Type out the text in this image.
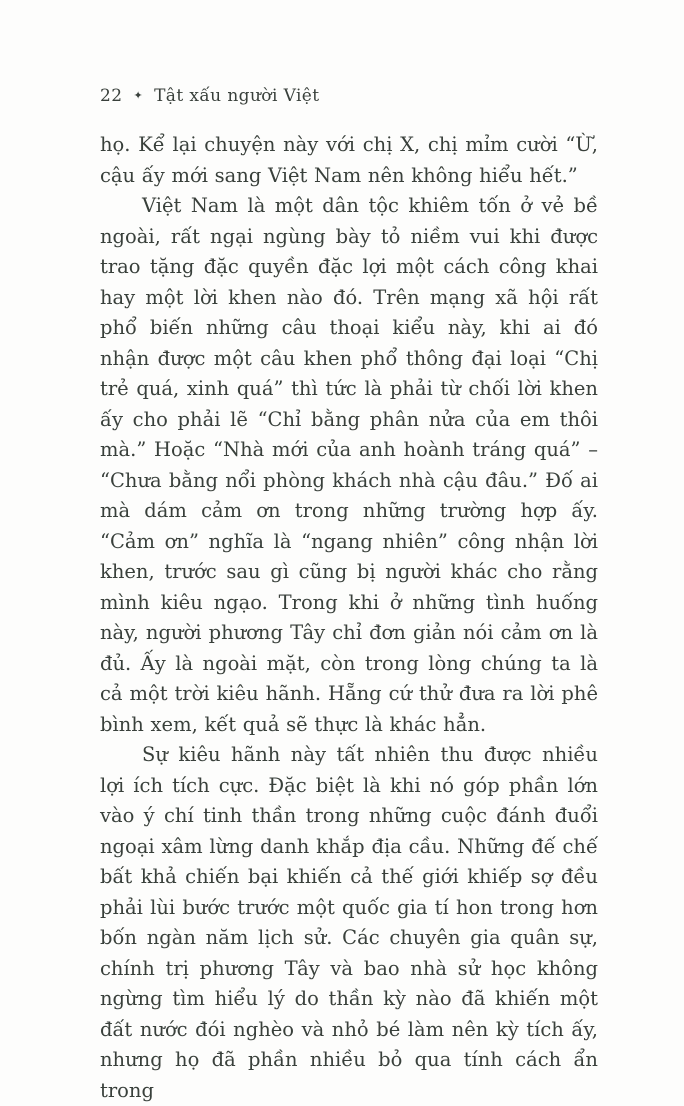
22 ✦ Tật xấu người Việt

họ. Kể lại chuyện này với chị X, chị mỉm cười “Ừ, cậu ấy mới sang Việt Nam nên không hiểu hết.”

Việt Nam là một dân tộc khiêm tốn ở vẻ bề ngoài, rất ngại ngùng bày tỏ niềm vui khi được trao tặng đặc quyền đặc lợi một cách công khai hay một lời khen nào đó. Trên mạng xã hội rất phổ biến những câu thoại kiểu này, khi ai đó nhận được một câu khen phổ thông đại loại “Chị trẻ quá, xinh quá” thì tức là phải từ chối lời khen ấy cho phải lẽ “Chỉ bằng phân nửa của em thôi mà.” Hoặc “Nhà mới của anh hoành tráng quá” – “Chưa bằng nổi phòng khách nhà cậu đâu.” Đố ai mà dám cảm ơn trong những trường hợp ấy. “Cảm ơn” nghĩa là “ngang nhiên” công nhận lời khen, trước sau gì cũng bị người khác cho rằng mình kiêu ngạo. Trong khi ở những tình huống này, người phương Tây chỉ đơn giản nói cảm ơn là đủ. Ấy là ngoài mặt, còn trong lòng chúng ta là cả một trời kiêu hãnh. Hẵng cứ thử đưa ra lời phê bình xem, kết quả sẽ thực là khác hẳn.

Sự kiêu hãnh này tất nhiên thu được nhiều lợi ích tích cực. Đặc biệt là khi nó góp phần lớn vào ý chí tinh thần trong những cuộc đánh đuổi ngoại xâm lừng danh khắp địa cầu. Những đế chế bất khả chiến bại khiến cả thế giới khiếp sợ đều phải lùi bước trước một quốc gia tí hon trong hơn bốn ngàn năm lịch sử. Các chuyên gia quân sự, chính trị phương Tây và bao nhà sử học không ngừng tìm hiểu lý do thần kỳ nào đã khiến một đất nước đói nghèo và nhỏ bé làm nên kỳ tích ấy, nhưng họ đã phần nhiều bỏ qua tính cách ẩn trong
